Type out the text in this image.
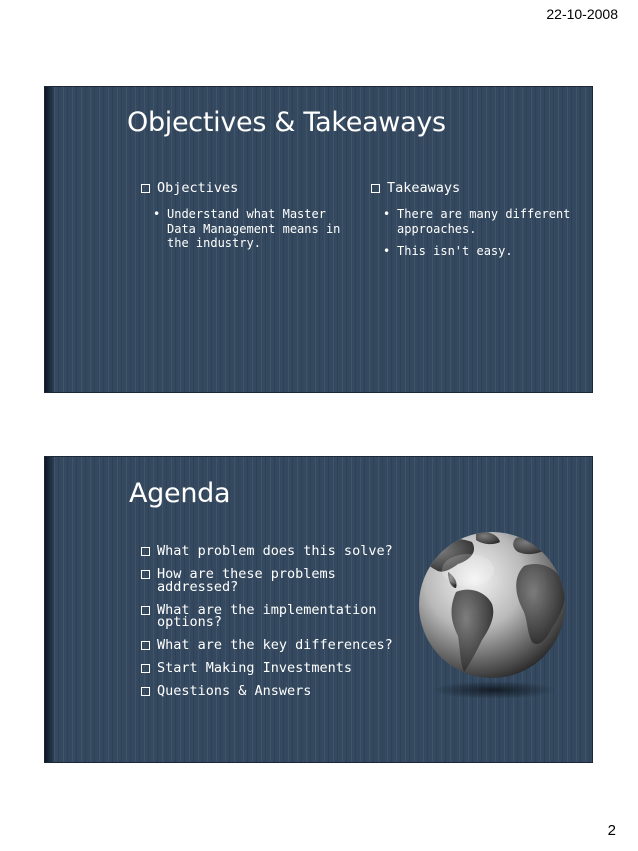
22-10-2008
Objectives & Takeaways
Objectives
• Understand what Master Data Management means in the industry.
Takeaways
• There are many different approaches.
• This isn't easy.
Agenda
What problem does this solve?
How are these problems addressed?
What are the implementation options?
What are the key differences?
Start Making Investments
Questions & Answers
2
